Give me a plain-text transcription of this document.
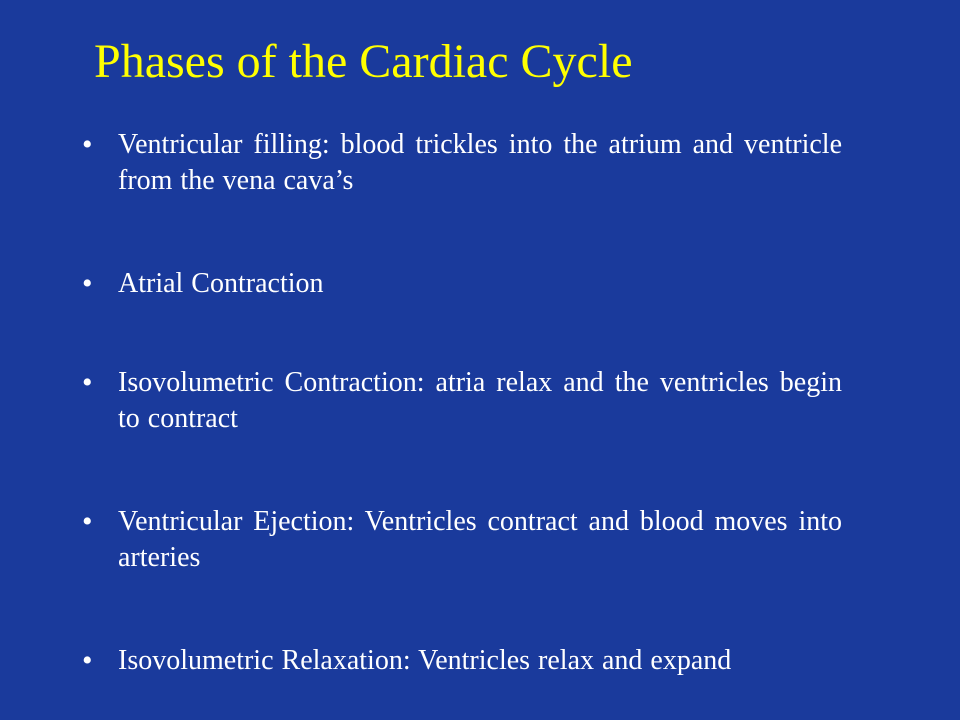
Phases of the Cardiac Cycle
• Ventricular filling: blood trickles into the atrium and ventricle from the vena cava’s
• Atrial Contraction
• Isovolumetric Contraction: atria relax and the ventricles begin to contract
• Ventricular Ejection: Ventricles contract and blood moves into arteries
• Isovolumetric Relaxation: Ventricles relax and expand
